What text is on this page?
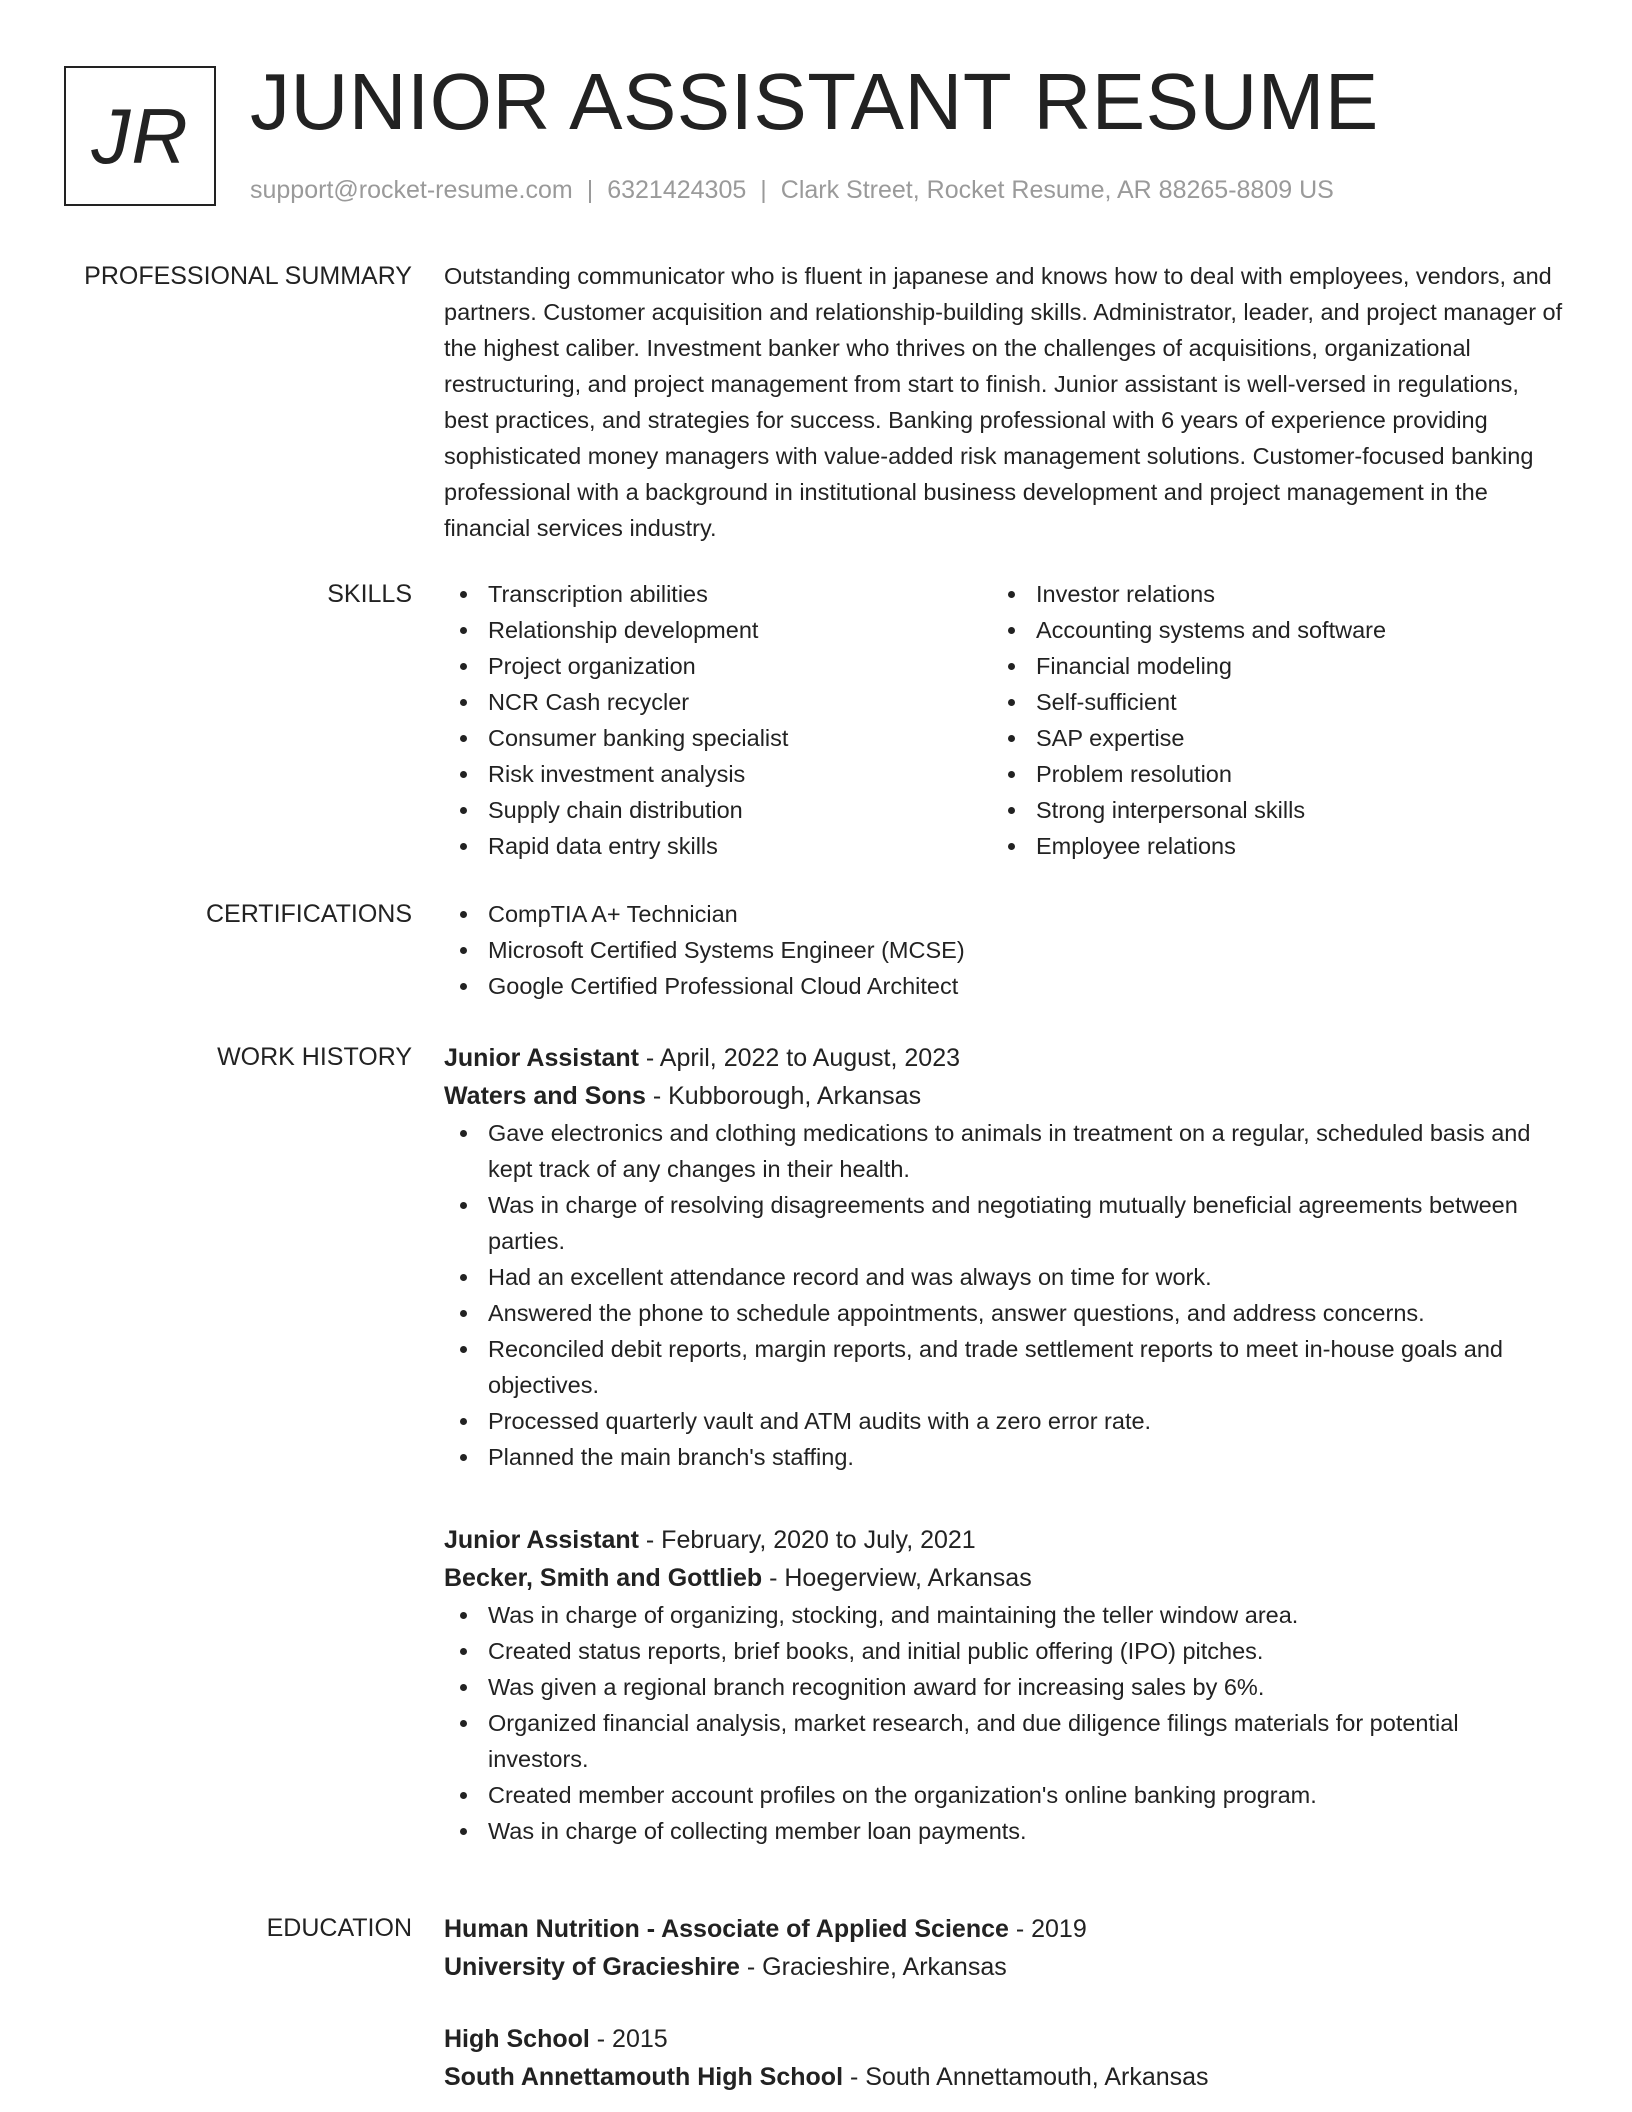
JR JUNIOR ASSISTANT RESUME
support@rocket-resume.com | 6321424305 | Clark Street, Rocket Resume, AR 88265-8809 US
PROFESSIONAL SUMMARY Outstanding communicator who is fluent in japanese and knows how to deal with employees, vendors, and partners. Customer acquisition and relationship-building skills. Administrator, leader, and project manager of the highest caliber. Investment banker who thrives on the challenges of acquisitions, organizational restructuring, and project management from start to finish. Junior assistant is well-versed in regulations, best practices, and strategies for success. Banking professional with 6 years of experience providing sophisticated money managers with value-added risk management solutions. Customer-focused banking professional with a background in institutional business development and project management in the financial services industry.

SKILLS	Transcription abilities
Relationship development
Project organization
NCR Cash recycler
Consumer banking specialist
Risk investment analysis
Supply chain distribution
Rapid data entry skills
Investor relations
Accounting systems and software
Financial modeling
Self-sufficient
SAP expertise
Problem resolution
Strong interpersonal skills
Employee relations
CERTIFICATIONS	CompTIA A+ Technician
Microsoft Certified Systems Engineer (MCSE)
Google Certified Professional Cloud Architect
WORK HISTORY Junior Assistant - April, 2022 to August, 2023
Waters and Sons - Kubborough, Arkansas
Gave electronics and clothing medications to animals in treatment on a regular, scheduled basis and kept track of any changes in their health.
Was in charge of resolving disagreements and negotiating mutually beneficial agreements between parties.
Had an excellent attendance record and was always on time for work.
Answered the phone to schedule appointments, answer questions, and address concerns.
Reconciled debit reports, margin reports, and trade settlement reports to meet in-house goals and objectives.
Processed quarterly vault and ATM audits with a zero error rate.
Planned the main branch's staffing.
Junior Assistant - February, 2020 to July, 2021
Becker, Smith and Gottlieb - Hoegerview, Arkansas
Was in charge of organizing, stocking, and maintaining the teller window area.
Created status reports, brief books, and initial public offering (IPO) pitches.
Was given a regional branch recognition award for increasing sales by 6%.
Organized financial analysis, market research, and due diligence filings materials for potential investors.
Created member account profiles on the organization's online banking program.
Was in charge of collecting member loan payments.
EDUCATION Human Nutrition - Associate of Applied Science - 2019
University of Gracieshire - Gracieshire, Arkansas
High School - 2015
South Annettamouth High School - South Annettamouth, Arkansas
